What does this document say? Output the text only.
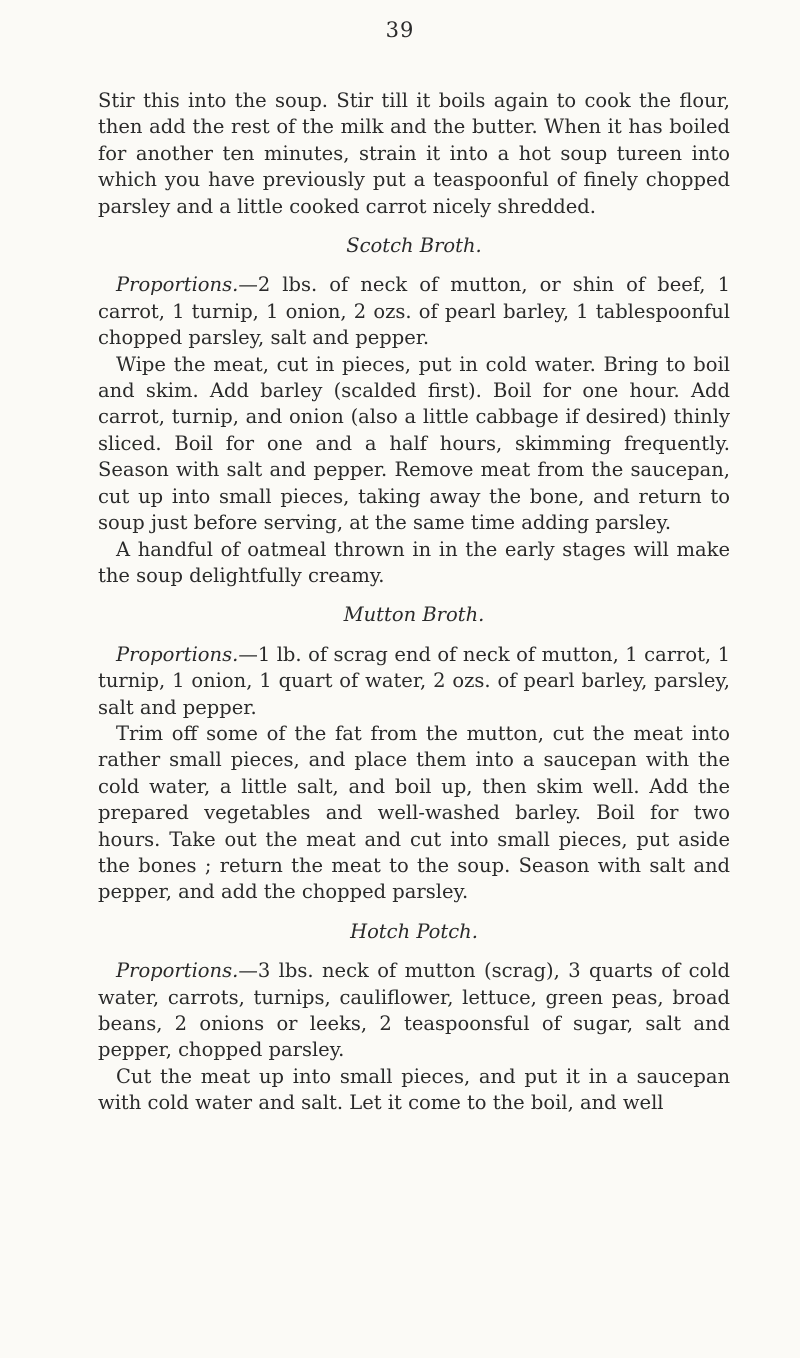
39

Stir this into the soup. Stir till it boils again to cook the flour, then add the rest of the milk and the butter. When it has boiled for another ten minutes, strain it into a hot soup tureen into which you have previously put a teaspoonful of finely chopped parsley and a little cooked carrot nicely shredded.

Scotch Broth.

Proportions.—2 lbs. of neck of mutton, or shin of beef, 1 carrot, 1 turnip, 1 onion, 2 ozs. of pearl barley, 1 tablespoonful chopped parsley, salt and pepper.

Wipe the meat, cut in pieces, put in cold water. Bring to boil and skim. Add barley (scalded first). Boil for one hour. Add carrot, turnip, and onion (also a little cabbage if desired) thinly sliced. Boil for one and a half hours, skimming frequently. Season with salt and pepper. Remove meat from the saucepan, cut up into small pieces, taking away the bone, and return to soup just before serving, at the same time adding parsley.

A handful of oatmeal thrown in in the early stages will make the soup delightfully creamy.

Mutton Broth.

Proportions.—1 lb. of scrag end of neck of mutton, 1 carrot, 1 turnip, 1 onion, 1 quart of water, 2 ozs. of pearl barley, parsley, salt and pepper.

Trim off some of the fat from the mutton, cut the meat into rather small pieces, and place them into a saucepan with the cold water, a little salt, and boil up, then skim well. Add the prepared vegetables and well-washed barley. Boil for two hours. Take out the meat and cut into small pieces, put aside the bones ; return the meat to the soup. Season with salt and pepper, and add the chopped parsley.

Hotch Potch.

Proportions.—3 lbs. neck of mutton (scrag), 3 quarts of cold water, carrots, turnips, cauliflower, lettuce, green peas, broad beans, 2 onions or leeks, 2 teaspoonsful of sugar, salt and pepper, chopped parsley.

Cut the meat up into small pieces, and put it in a saucepan with cold water and salt. Let it come to the boil, and well
